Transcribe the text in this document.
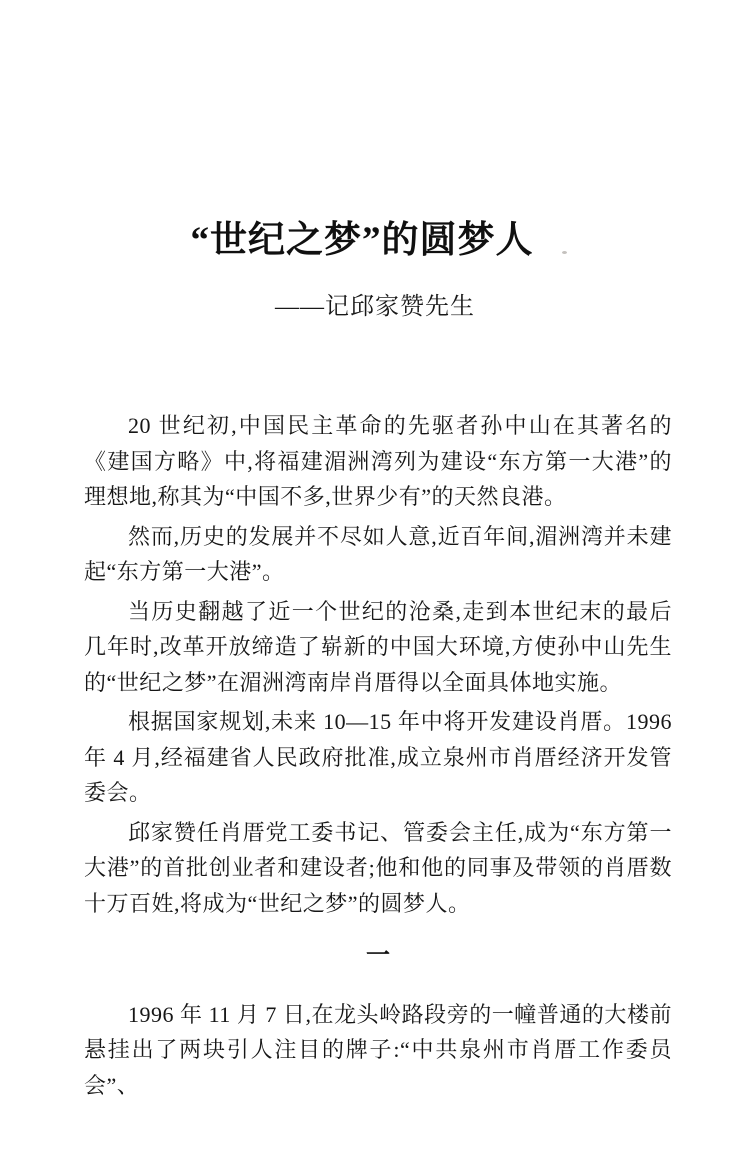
“世纪之梦”的圆梦人
——记邱家赞先生

20 世纪初,中国民主革命的先驱者孙中山在其著名的《建国方略》中,将福建湄洲湾列为建设“东方第一大港”的理想地,称其为“中国不多,世界少有”的天然良港。

然而,历史的发展并不尽如人意,近百年间,湄洲湾并未建起“东方第一大港”。

当历史翻越了近一个世纪的沧桑,走到本世纪末的最后几年时,改革开放缔造了崭新的中国大环境,方使孙中山先生的“世纪之梦”在湄洲湾南岸肖厝得以全面具体地实施。

根据国家规划,未来 10—15 年中将开发建设肖厝。1996 年 4 月,经福建省人民政府批准,成立泉州市肖厝经济开发管委会。

邱家赞任肖厝党工委书记、管委会主任,成为“东方第一大港”的首批创业者和建设者;他和他的同事及带领的肖厝数十万百姓,将成为“世纪之梦”的圆梦人。

一

1996 年 11 月 7 日,在龙头岭路段旁的一幢普通的大楼前悬挂出了两块引人注目的牌子:“中共泉州市肖厝工作委员会”、
